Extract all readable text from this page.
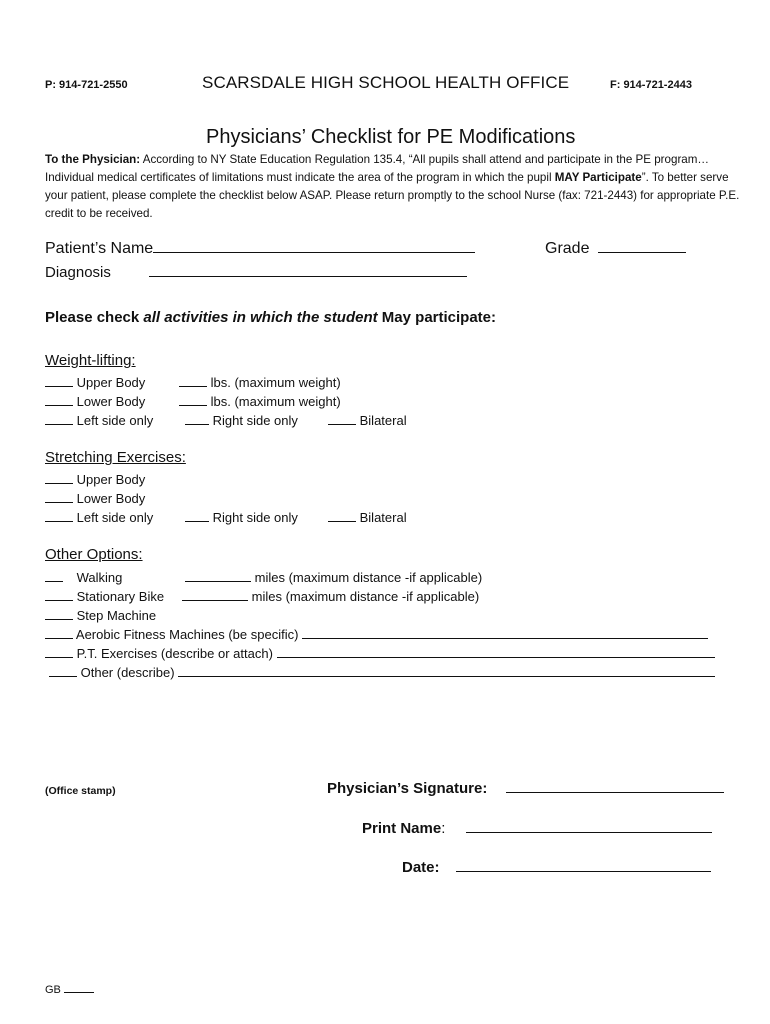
P: 914-721-2550	SCARSDALE HIGH SCHOOL HEALTH OFFICE	F: 914-721-2443
Physicians’ Checklist for PE Modifications
To the Physician: According to NY State Education Regulation 135.4, “All pupils shall attend and participate in the PE program…Individual medical certificates of limitations must indicate the area of the program in which the pupil MAY Participate”. To better serve your patient, please complete the checklist below ASAP. Please return promptly to the school Nurse (fax: 721-2443) for appropriate P.E. credit to be received.
Patient’s Name	Grade
Diagnosis
Please check all activities in which the student May participate:
Weight-lifting:
Upper Body	lbs. (maximum weight)
Lower Body	lbs. (maximum weight)
Left side only	Right side only	Bilateral
Stretching Exercises:
Upper Body
Lower Body
Left side only	Right side only	Bilateral
Other Options:
Walking	miles (maximum distance -if applicable)
Stationary Bike	miles (maximum distance -if applicable)
Step Machine
Aerobic Fitness Machines (be specific)
P.T. Exercises (describe or attach)
Other (describe)
(Office stamp)	Physician’s Signature:
Print Name:
Date:
GB
